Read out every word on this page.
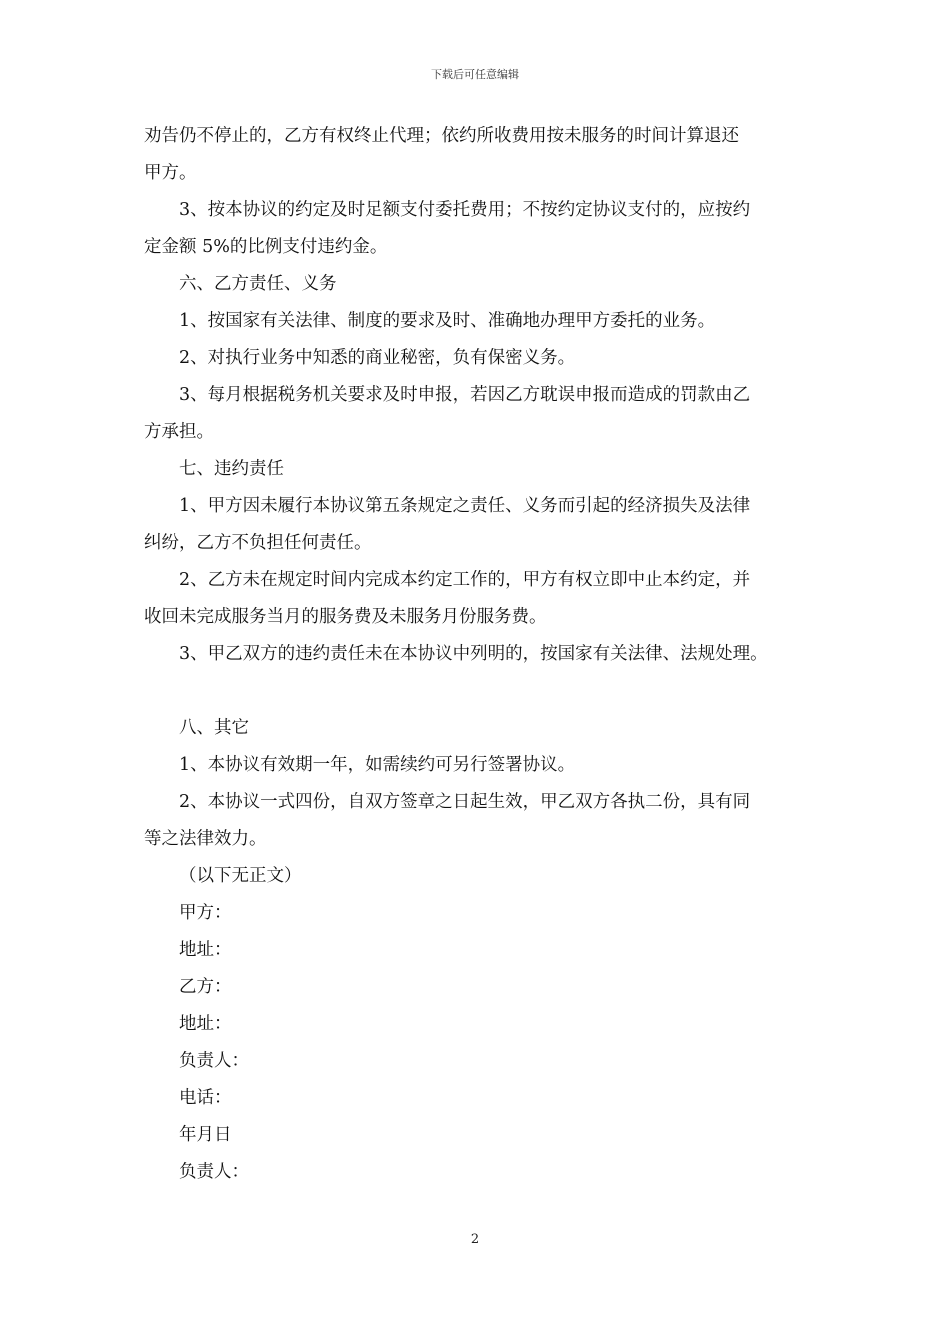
下载后可任意编辑
劝告仍不停止的，乙方有权终止代理；依约所收费用按未服务的时间计算退还
甲方。
3、按本协议的约定及时足额支付委托费用；不按约定协议支付的，应按约
定金额 5%的比例支付违约金。
六、乙方责任、义务
1、按国家有关法律、制度的要求及时、准确地办理甲方委托的业务。
2、对执行业务中知悉的商业秘密，负有保密义务。
3、每月根据税务机关要求及时申报，若因乙方耽误申报而造成的罚款由乙
方承担。
七、违约责任
1、甲方因未履行本协议第五条规定之责任、义务而引起的经济损失及法律
纠纷，乙方不负担任何责任。
2、乙方未在规定时间内完成本约定工作的，甲方有权立即中止本约定，并
收回未完成服务当月的服务费及未服务月份服务费。
3、甲乙双方的违约责任未在本协议中列明的，按国家有关法律、法规处理。
八、其它
1、本协议有效期一年，如需续约可另行签署协议。
2、本协议一式四份，自双方签章之日起生效，甲乙双方各执二份，具有同
等之法律效力。
（以下无正文）
甲方：
地址：
乙方：
地址：
负责人：
电话：
年月日
负责人：
2
